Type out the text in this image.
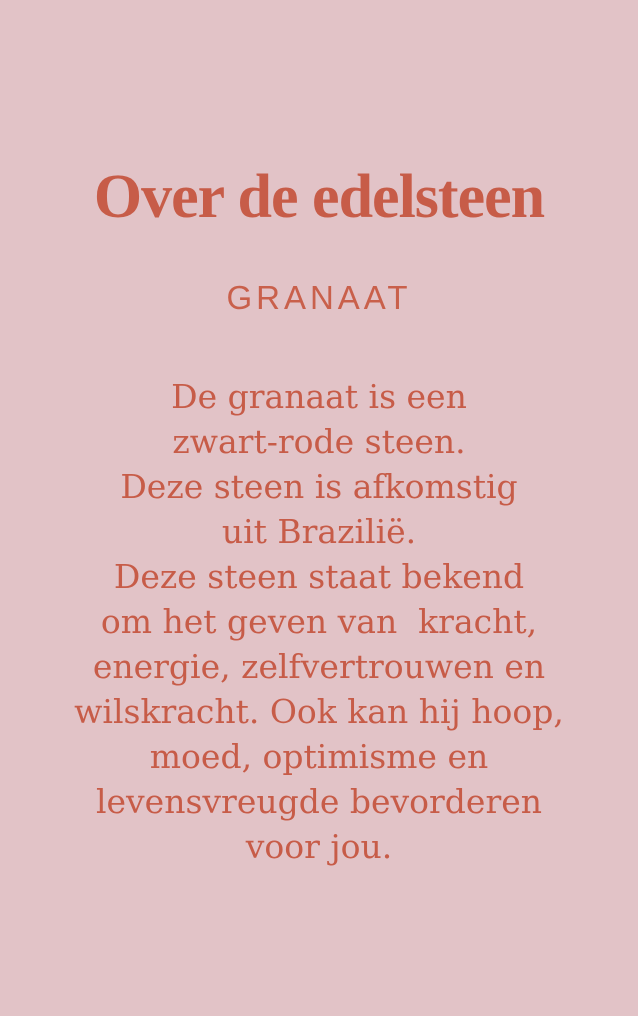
Over de edelsteen

GRANAAT

De granaat is een
zwart-rode steen.
Deze steen is afkomstig
uit Brazilië.
Deze steen staat bekend
om het geven van  kracht,
energie, zelfvertrouwen en
wilskracht. Ook kan hij hoop,
moed, optimisme en
levensvreugde bevorderen
voor jou.
